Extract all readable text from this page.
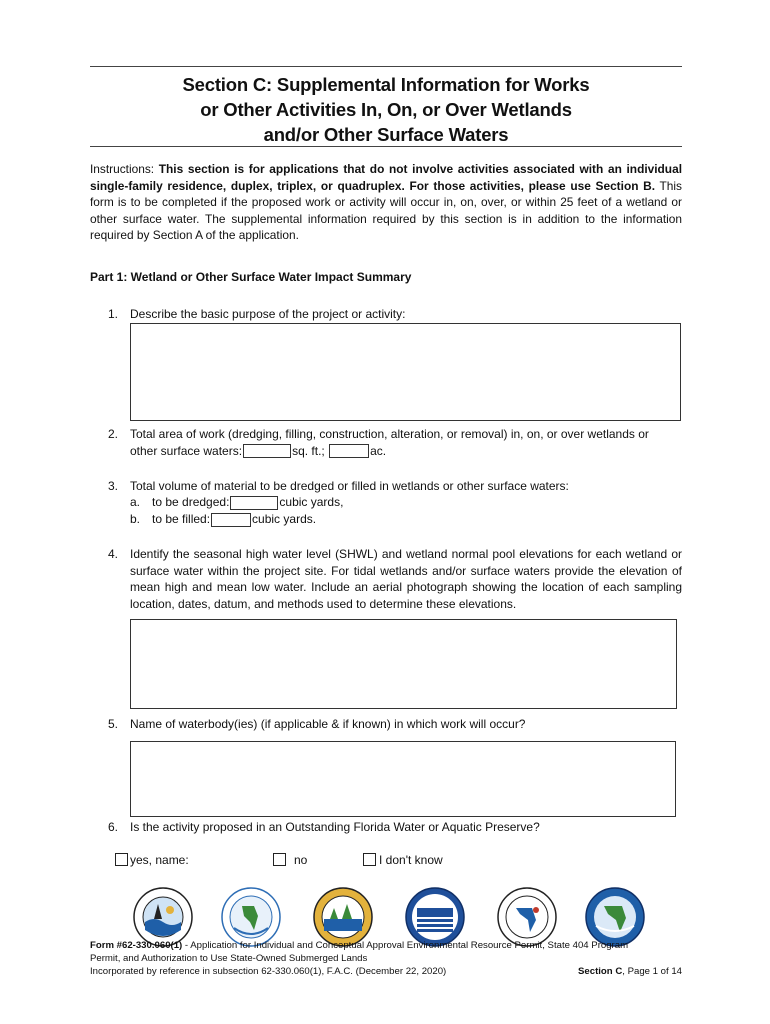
Section C: Supplemental Information for Works
or Other Activities In, On, or Over Wetlands
and/or Other Surface Waters
Instructions: This section is for applications that do not involve activities associated with an individual single-family residence, duplex, triplex, or quadruplex. For those activities, please use Section B. This form is to be completed if the proposed work or activity will occur in, on, over, or within 25 feet of a wetland or other surface water. The supplemental information required by this section is in addition to the information required by Section A of the application.
Part 1: Wetland or Other Surface Water Impact Summary
1. Describe the basic purpose of the project or activity:
2. Total area of work (dredging, filling, construction, alteration, or removal) in, on, or over wetlands or
other surface waters:	sq. ft.;	ac.
3. Total volume of material to be dredged or filled in wetlands or other surface waters:
a. to be dredged:	cubic yards,
b. to be filled:	cubic yards.
4. Identify the seasonal high water level (SHWL) and wetland normal pool elevations for each wetland or surface water within the project site. For tidal wetlands and/or surface waters provide the elevation of mean high and mean low water. Include an aerial photograph showing the location of each sampling location, dates, datum, and methods used to determine these elevations.
5. Name of waterbody(ies) (if applicable & if known) in which work will occur?
6. Is the activity proposed in an Outstanding Florida Water or Aquatic Preserve?
yes, name:	no	I don't know
Form #62-330.060(1) - Application for Individual and Conceptual Approval Environmental Resource Permit, State 404 Program
Permit, and Authorization to Use State-Owned Submerged Lands
Incorporated by reference in subsection 62-330.060(1), F.A.C. (December 22, 2020)	Section C, Page 1 of 14
